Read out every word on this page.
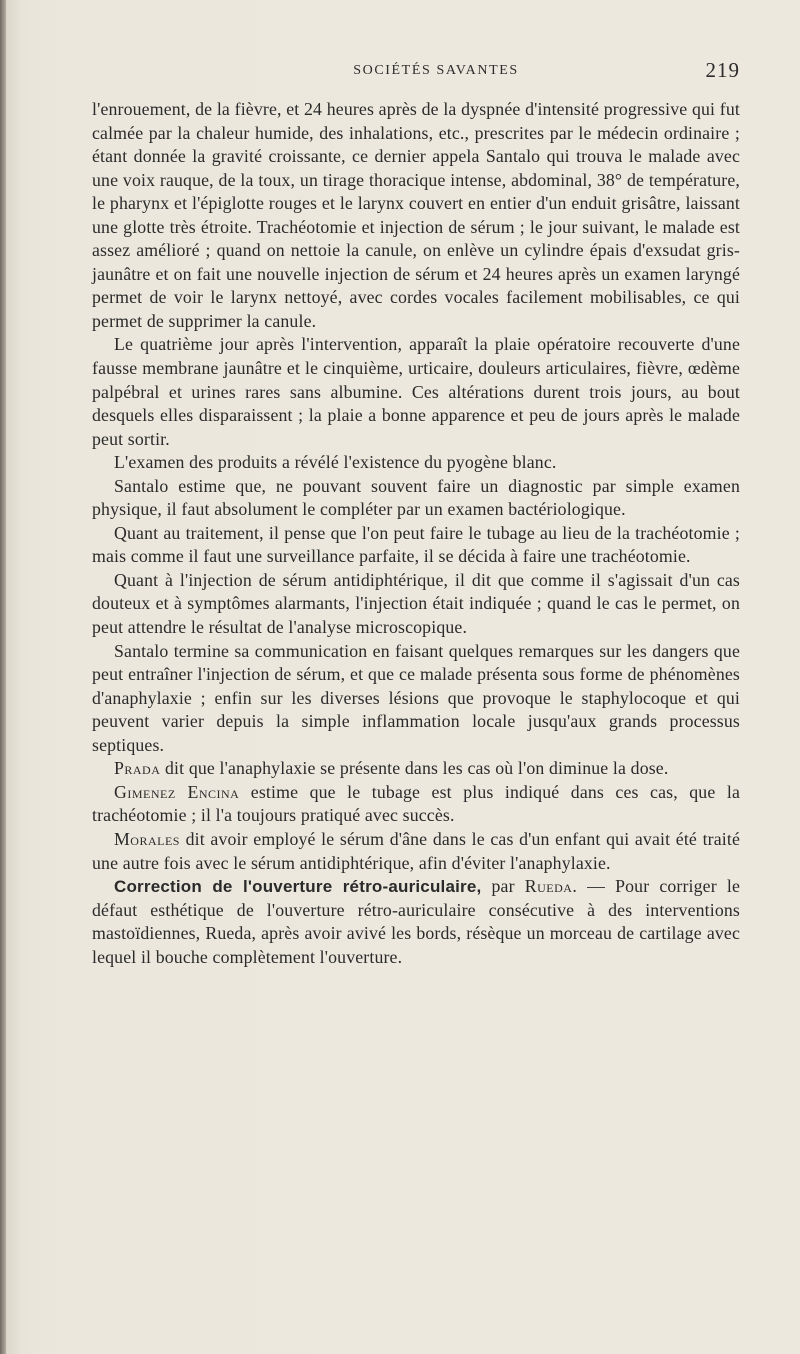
SOCIÉTÉS SAVANTES	219

l'enrouement, de la fièvre, et 24 heures après de la dyspnée d'intensité progressive qui fut calmée par la chaleur humide, des inhalations, etc., prescrites par le médecin ordinaire ; étant donnée la gravité croissante, ce dernier appela Santalo qui trouva le malade avec une voix rauque, de la toux, un tirage thoracique intense, abdominal, 38° de température, le pharynx et l'épiglotte rouges et le larynx couvert en entier d'un enduit grisâtre, laissant une glotte très étroite. Trachéotomie et injection de sérum ; le jour suivant, le malade est assez amélioré ; quand on nettoie la canule, on enlève un cylindre épais d'exsudat gris-jaunâtre et on fait une nouvelle injection de sérum et 24 heures après un examen laryngé permet de voir le larynx nettoyé, avec cordes vocales facilement mobilisables, ce qui permet de supprimer la canule.

Le quatrième jour après l'intervention, apparaît la plaie opératoire recouverte d'une fausse membrane jaunâtre et le cinquième, urticaire, douleurs articulaires, fièvre, œdème palpébral et urines rares sans albumine. Ces altérations durent trois jours, au bout desquels elles disparaissent ; la plaie a bonne apparence et peu de jours après le malade peut sortir.

L'examen des produits a révélé l'existence du pyogène blanc.

Santalo estime que, ne pouvant souvent faire un diagnostic par simple examen physique, il faut absolument le compléter par un examen bactériologique.

Quant au traitement, il pense que l'on peut faire le tubage au lieu de la trachéotomie ; mais comme il faut une surveillance parfaite, il se décida à faire une trachéotomie.

Quant à l'injection de sérum antidiphtérique, il dit que comme il s'agissait d'un cas douteux et à symptômes alarmants, l'injection était indiquée ; quand le cas le permet, on peut attendre le résultat de l'analyse microscopique.

Santalo termine sa communication en faisant quelques remarques sur les dangers que peut entraîner l'injection de sérum, et que ce malade présenta sous forme de phénomènes d'anaphylaxie ; enfin sur les diverses lésions que provoque le staphylocoque et qui peuvent varier depuis la simple inflammation locale jusqu'aux grands processus septiques.

Prada dit que l'anaphylaxie se présente dans les cas où l'on diminue la dose.

Gimenez Encina estime que le tubage est plus indiqué dans ces cas, que la trachéotomie ; il l'a toujours pratiqué avec succès.

Morales dit avoir employé le sérum d'âne dans le cas d'un enfant qui avait été traité une autre fois avec le sérum antidiphtérique, afin d'éviter l'anaphylaxie.

Correction de l'ouverture rétro-auriculaire, par Rueda. — Pour corriger le défaut esthétique de l'ouverture rétro-auriculaire consécutive à des interventions mastoïdiennes, Rueda, après avoir avivé les bords, résèque un morceau de cartilage avec lequel il bouche complètement l'ouverture.
